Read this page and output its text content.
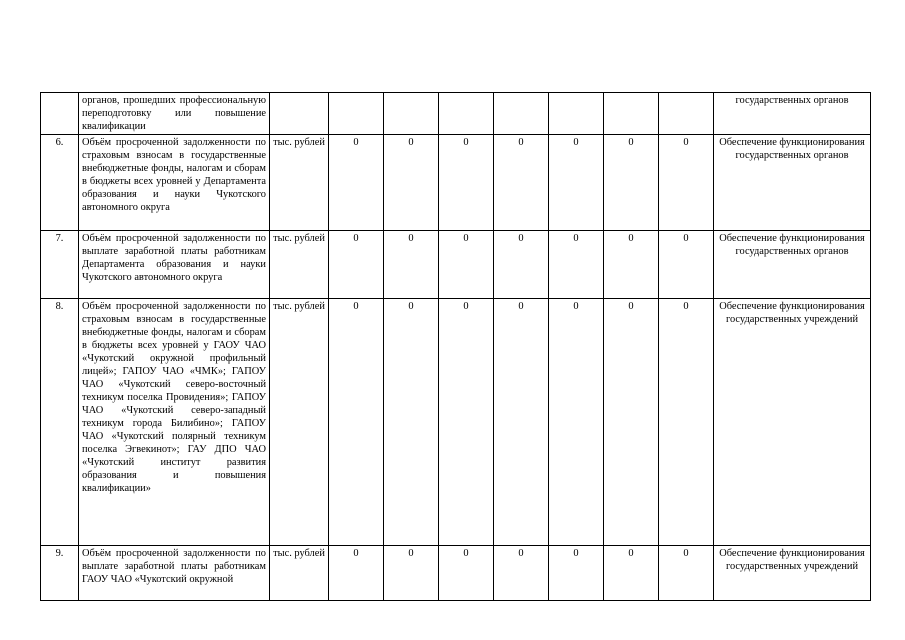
	органов, прошедших профессиональную переподготовку или повышение квалификации									государственных органов
6.	Объём просроченной задолженности по страховым взносам в государственные внебюджетные фонды, налогам и сборам в бюджеты всех уровней у Департамента образования и науки Чукотского автономного округа	тыс. рублей	0	0	0	0	0	0	0	Обеспечение функционирования государственных органов
7.	Объём просроченной задолженности по выплате заработной платы работникам Департамента образования и науки Чукотского автономного округа	тыс. рублей	0	0	0	0	0	0	0	Обеспечение функционирования государственных органов
8.	Объём просроченной задолженности по страховым взносам в государственные внебюджетные фонды, налогам и сборам в бюджеты всех уровней у ГАОУ ЧАО «Чукотский окружной профильный лицей»; ГАПОУ ЧАО «ЧМК»; ГАПОУ ЧАО «Чукотский северо-восточный техникум поселка Провидения»; ГАПОУ ЧАО «Чукотский северо-западный техникум города Билибино»; ГАПОУ ЧАО «Чукотский полярный техникум поселка Эгвекинот»; ГАУ ДПО ЧАО «Чукотский институт развития образования и повышения квалификации»	тыс. рублей	0	0	0	0	0	0	0	Обеспечение функционирования государственных учреждений
9.	Объём просроченной задолженности по выплате заработной платы работникам ГАОУ ЧАО «Чукотский окружной	тыс. рублей	0	0	0	0	0	0	0	Обеспечение функционирования государственных учреждений
